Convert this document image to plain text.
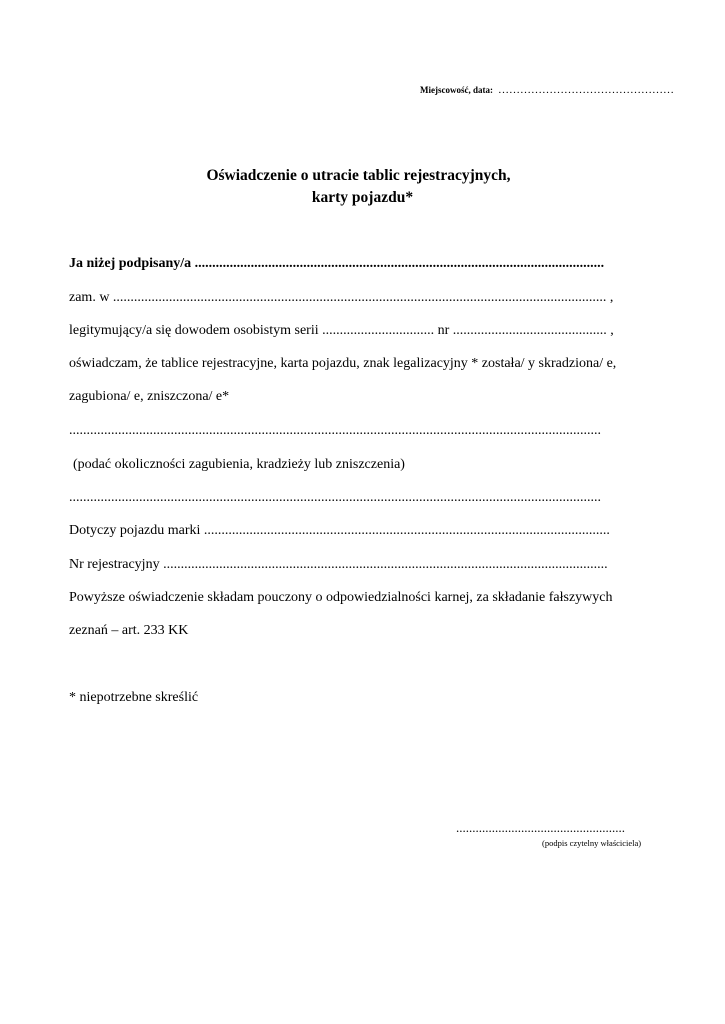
Miejscowość, data: …………………………………………
Oświadczenie o utracie tablic rejestracyjnych,
karty pojazdu*
Ja niżej podpisany/a .....................................................................................................................
zam. w ............................................................................................................................................. ,
legitymujący/a się dowodem osobistym serii ................................ nr ............................................ ,
oświadczam, że tablice rejestracyjne, karta pojazdu, znak legalizacyjny * została/ y skradziona/ e,
zagubiona/ e, zniszczona/ e*
........................................................................................................................................................
(podać okoliczności zagubienia, kradzieży lub zniszczenia)
........................................................................................................................................................
Dotyczy pojazdu marki ....................................................................................................................
Nr rejestracyjny ...............................................................................................................................
Powyższe oświadczenie składam pouczony o odpowiedzialności karnej, za składanie fałszywych
zeznań – art. 233 KK
* niepotrzebne skreślić
....................................................
(podpis czytelny właściciela)
